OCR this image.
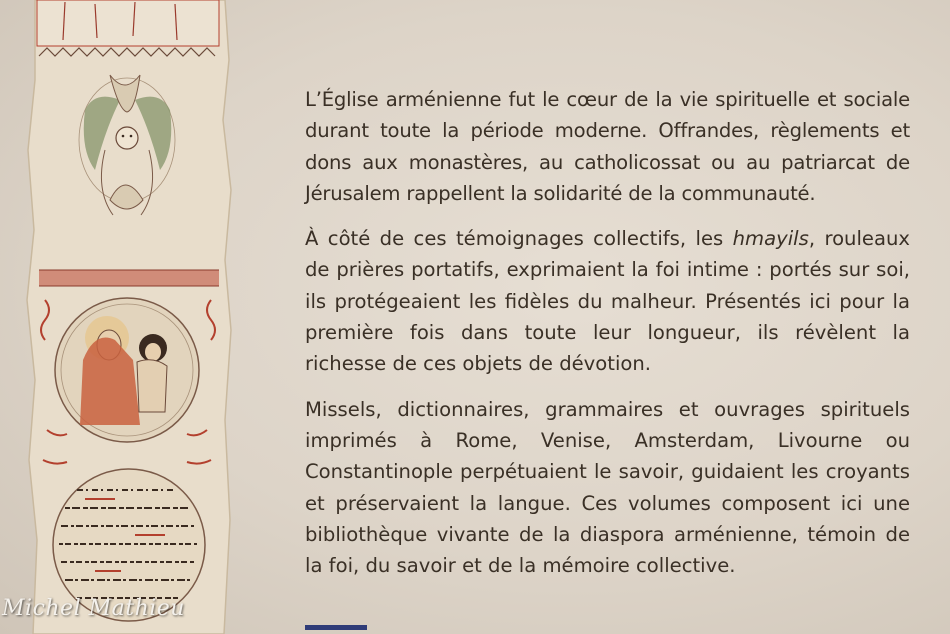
L’Église arménienne fut le cœur de la vie spirituelle et sociale durant toute la période moderne. Offrandes, règlements et dons aux monastères, au catholicossat ou au patriarcat de Jérusalem rappellent la solidarité de la communauté.

À côté de ces témoignages collectifs, les hmayils, rouleaux de prières portatifs, exprimaient la foi intime : portés sur soi, ils protégeaient les fidèles du malheur. Présentés ici pour la première fois dans toute leur longueur, ils révèlent la richesse de ces objets de dévotion.

Missels, dictionnaires, grammaires et ouvrages spirituels imprimés à Rome, Venise, Amsterdam, Livourne ou Constantinople perpétuaient le savoir, guidaient les croyants et préservaient la langue. Ces volumes composent ici une bibliothèque vivante de la diaspora arménienne, témoin de la foi, du savoir et de la mémoire collective.

Michel Mathieu
